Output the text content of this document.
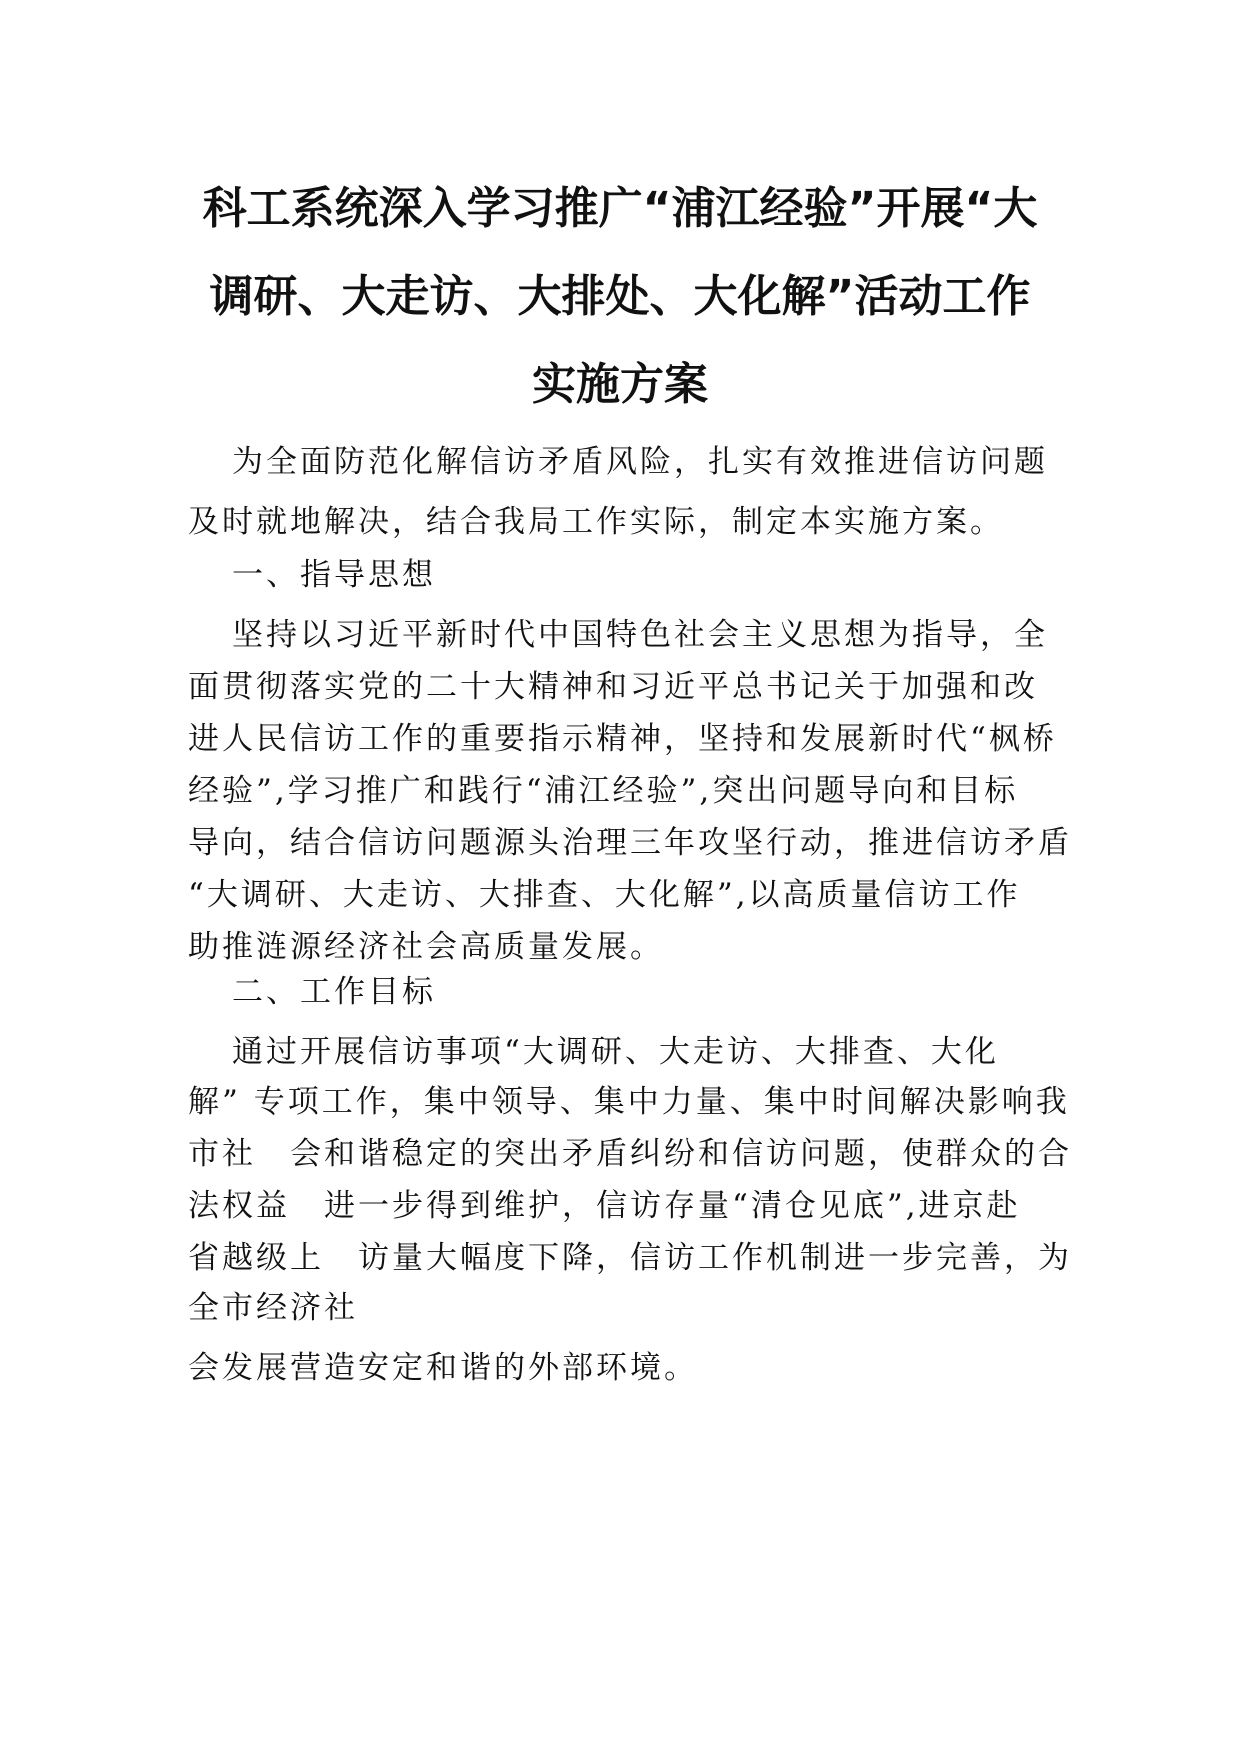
科工系统深入学习推广“浦江经验”开展“大
调研、大走访、大排处、大化解”活动工作
实施方案
为全面防范化解信访矛盾风险，扎实有效推进信访问题
及时就地解决，结合我局工作实际，制定本实施方案。
一、指导思想
坚持以习近平新时代中国特色社会主义思想为指导，全
面贯彻落实党的二十大精神和习近平总书记关于加强和改
进人民信访工作的重要指示精神，坚持和发展新时代“枫桥
经验”,学习推广和践行“浦江经验”,突出问题导向和目标
导向，结合信访问题源头治理三年攻坚行动，推进信访矛盾
“大调研、大走访、大排查、大化解”,以高质量信访工作
助推涟源经济社会高质量发展。
二、工作目标
通过开展信访事项“大调研、大走访、大排查、大化
解” 专项工作，集中领导、集中力量、集中时间解决影响我
市社　会和谐稳定的突出矛盾纠纷和信访问题，使群众的合
法权益　进一步得到维护，信访存量“清仓见底”,进京赴
省越级上　访量大幅度下降，信访工作机制进一步完善，为
全市经济社
会发展营造安定和谐的外部环境。
